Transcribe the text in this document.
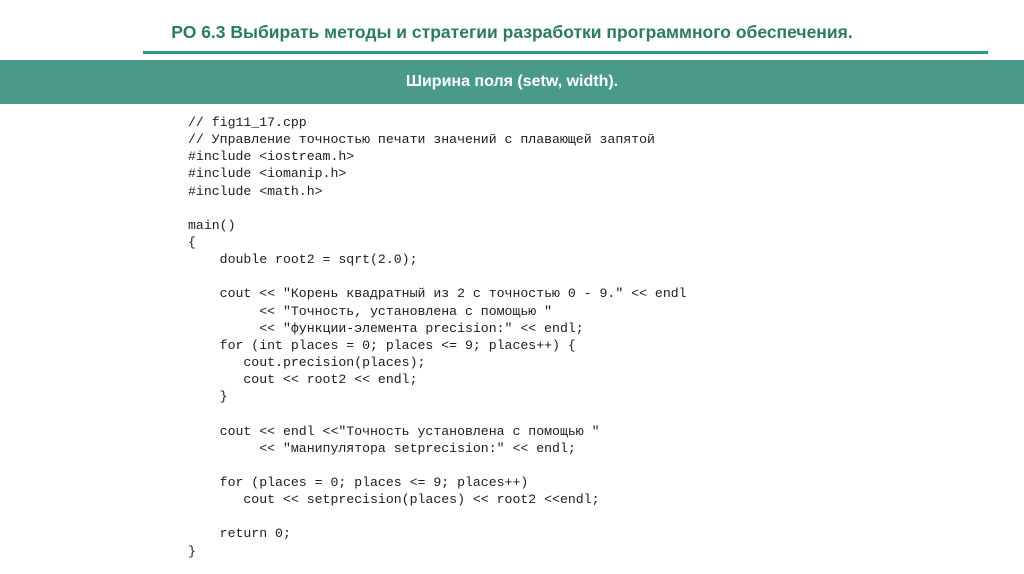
РО 6.3 Выбирать методы и стратегии разработки программного обеспечения.
Ширина поля (setw, width).
// fig11_17.cpp
// Управление точностью печати значений с плавающей запятой
#include <iostream.h>
#include <iomanip.h>
#include <math.h>
main()
{
double root2 = sqrt(2.0);
cout << "Корень квадратный из 2 с точностью 0 - 9." << endl
<< "Точность, установлена с помощью "
<< "функции-элемента precision:" << endl;
for (int places = 0; places <= 9; places++) {
cout.precision(places);
cout << root2 << endl;
}
cout << endl <<"Точность установлена с помощью "
<< "манипулятора setprecision:" << endl;
for (places = 0; places <= 9; places++)
cout << setprecision(places) << root2 <<endl;
return 0;
}
